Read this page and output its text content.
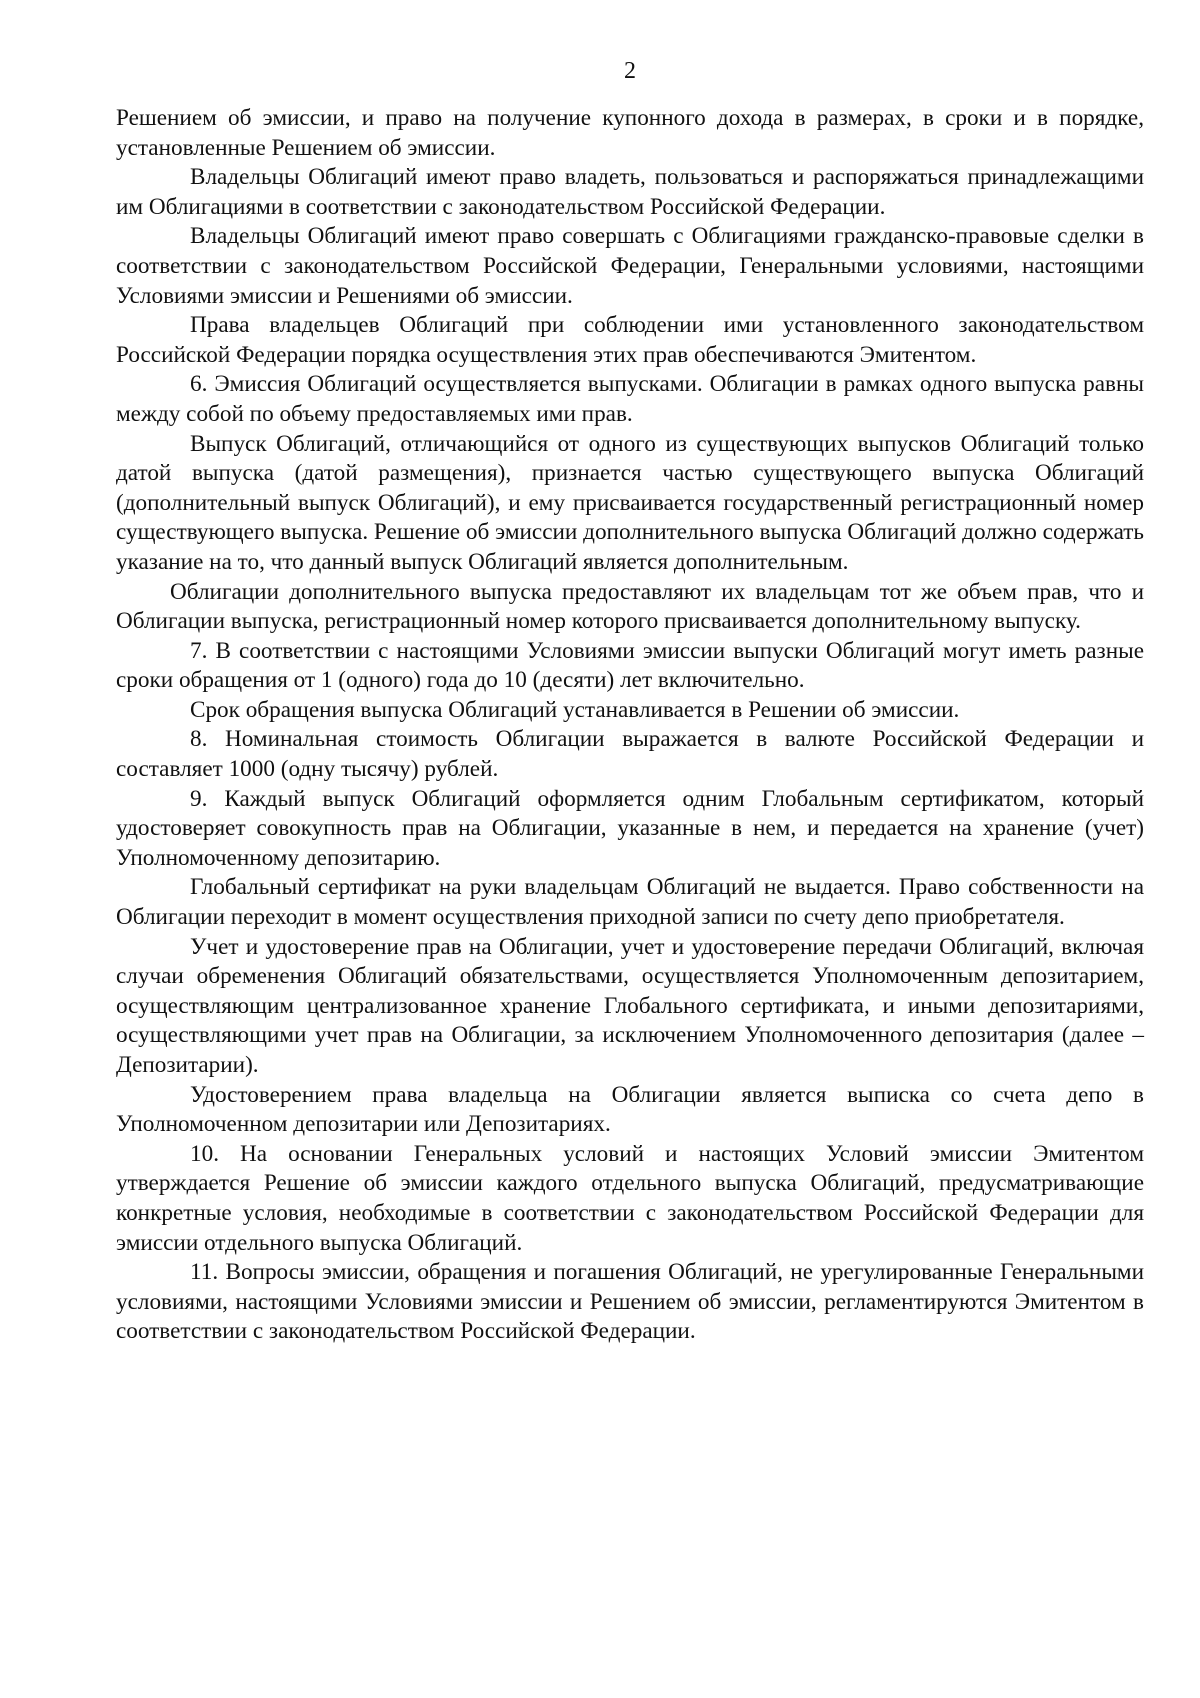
2

Решением об эмиссии, и право на получение купонного дохода в размерах, в сроки и в порядке, установленные Решением об эмиссии.

Владельцы Облигаций имеют право владеть, пользоваться и распоряжаться принадлежащими им Облигациями в соответствии с законодательством Российской Федерации.

Владельцы Облигаций имеют право совершать с Облигациями гражданско-правовые сделки в соответствии с законодательством Российской Федерации, Генеральными условиями, настоящими Условиями эмиссии и Решениями об эмиссии.

Права владельцев Облигаций при соблюдении ими установленного законодательством Российской Федерации порядка осуществления этих прав обеспечиваются Эмитентом.

6. Эмиссия Облигаций осуществляется выпусками. Облигации в рамках одного выпуска равны между собой по объему предоставляемых ими прав.

Выпуск Облигаций, отличающийся от одного из существующих выпусков Облигаций только датой выпуска (датой размещения), признается частью существующего выпуска Облигаций (дополнительный выпуск Облигаций), и ему присваивается государственный регистрационный номер существующего выпуска. Решение об эмиссии дополнительного выпуска Облигаций должно содержать указание на то, что данный выпуск Облигаций является дополнительным.

Облигации дополнительного выпуска предоставляют их владельцам тот же объем прав, что и Облигации выпуска, регистрационный номер которого присваивается дополнительному выпуску.

7. В соответствии с настоящими Условиями эмиссии выпуски Облигаций могут иметь разные сроки обращения от 1 (одного) года до 10 (десяти) лет включительно.

Срок обращения выпуска Облигаций устанавливается в Решении об эмиссии.

8. Номинальная стоимость Облигации выражается в валюте Российской Федерации и составляет 1000 (одну тысячу) рублей.

9. Каждый выпуск Облигаций оформляется одним Глобальным сертификатом, который удостоверяет совокупность прав на Облигации, указанные в нем, и передается на хранение (учет) Уполномоченному депозитарию.

Глобальный сертификат на руки владельцам Облигаций не выдается. Право собственности на Облигации переходит в момент осуществления приходной записи по счету депо приобретателя.

Учет и удостоверение прав на Облигации, учет и удостоверение передачи Облигаций, включая случаи обременения Облигаций обязательствами, осуществляется Уполномоченным депозитарием, осуществляющим централизованное хранение Глобального сертификата, и иными депозитариями, осуществляющими учет прав на Облигации, за исключением Уполномоченного депозитария (далее – Депозитарии).

Удостоверением права владельца на Облигации является выписка со счета депо в Уполномоченном депозитарии или Депозитариях.

10. На основании Генеральных условий и настоящих Условий эмиссии Эмитентом утверждается Решение об эмиссии каждого отдельного выпуска Облигаций, предусматривающие конкретные условия, необходимые в соответствии с законодательством Российской Федерации для эмиссии отдельного выпуска Облигаций.

11. Вопросы эмиссии, обращения и погашения Облигаций, не урегулированные Генеральными условиями, настоящими Условиями эмиссии и Решением об эмиссии, регламентируются Эмитентом в соответствии с законодательством Российской Федерации.
